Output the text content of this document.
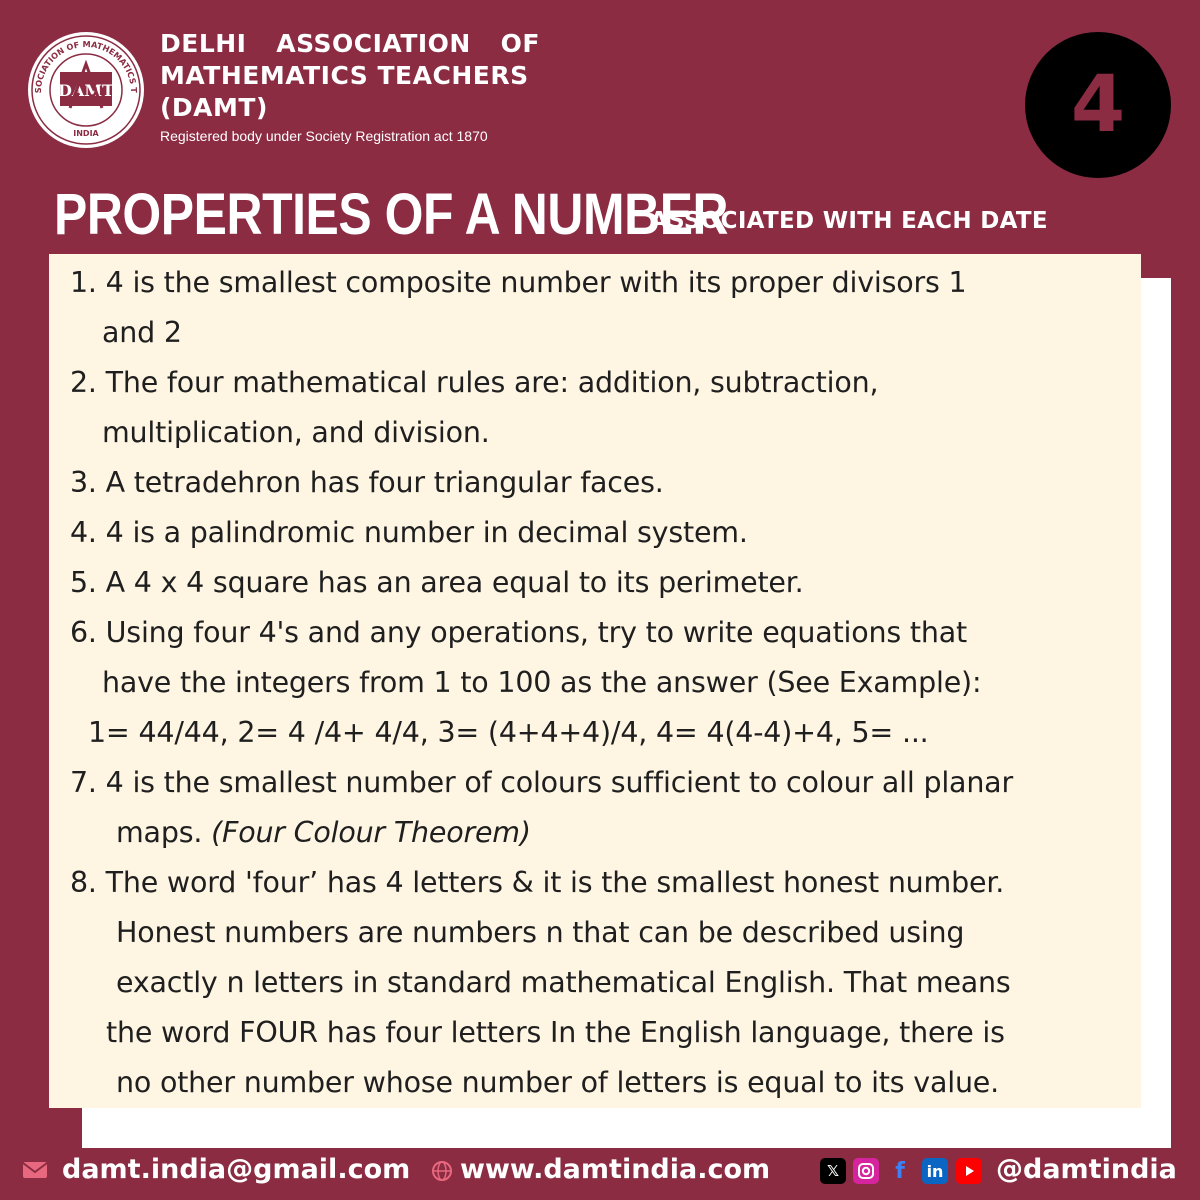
SOCIATION OF MATHEMATICS T
INDIA
DAMT
DELHI ASSOCIATION OF
MATHEMATICS TEACHERS
(DAMT)
Registered body under Society Registration act 1870	4
PROPERTIES OF A NUMBER
ASSOCIATED WITH EACH DATE
1. 4 is the smallest composite number with its proper divisors 1
and 2
2. The four mathematical rules are: addition, subtraction,
multiplication, and division.
3. A tetradehron has four triangular faces.
4. 4 is a palindromic number in decimal system.
5. A 4 x 4 square has an area equal to its perimeter.
6. Using four 4's and any operations, try to write equations that
have the integers from 1 to 100 as the answer (See Example):
1= 44/44, 2= 4 /4+ 4/4, 3= (4+4+4)/4, 4= 4(4-4)+4, 5= ...
7. 4 is the smallest number of colours sufficient to colour all planar
maps. (Four Colour Theorem)
8. The word 'four’ has 4 letters & it is the smallest honest number.
Honest numbers are numbers n that can be described using
exactly n letters in standard mathematical English. That means
the word FOUR has four letters In the English language, there is
no other number whose number of letters is equal to its value.
damt.india@gmail.com www.damtindia.com	𝕏	f	in @damtindia
